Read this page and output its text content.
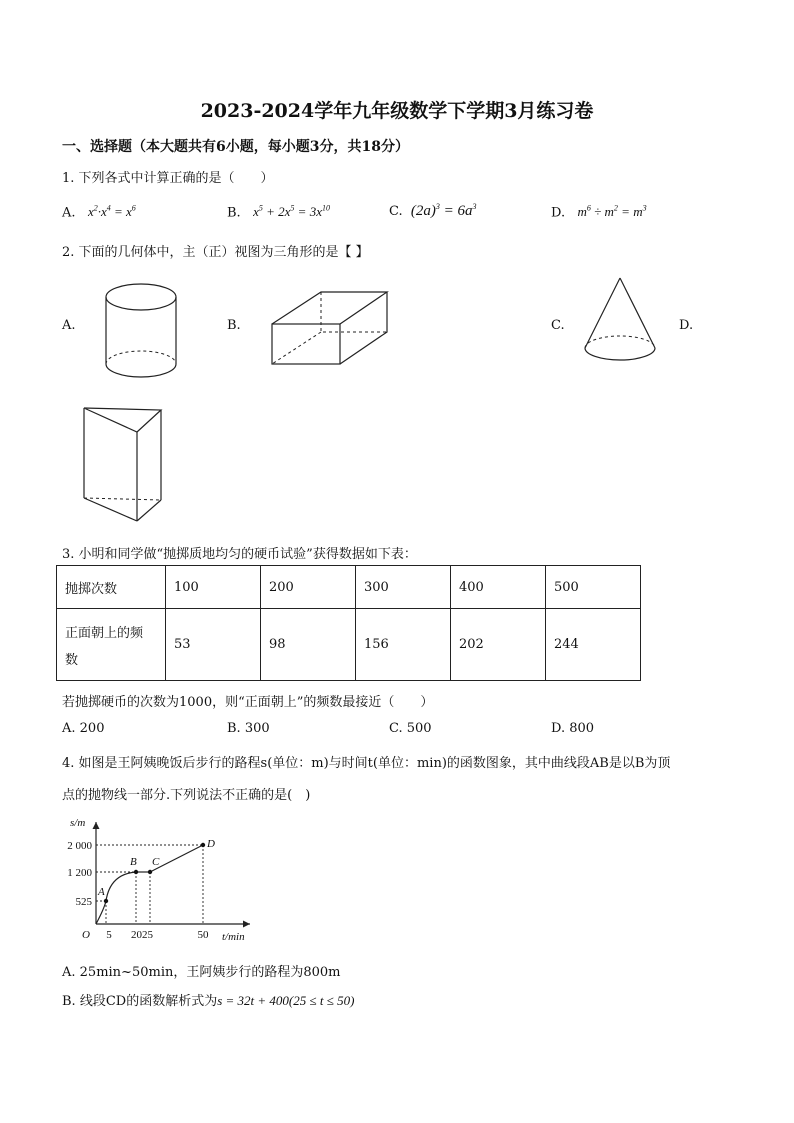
2023-2024学年九年级数学下学期3月练习卷
一、选择题（本大题共有6小题，每小题3分，共18分）
1. 下列各式中计算正确的是（　　）
A. $x^2\cdot x^4 = x^6$	B. $x^5 + 2x^5 = 3x^{10}$	C. $(2a)^3 = 6a^3$	D. $m^6 \div m^2 = m^3$
2. 下面的几何体中，主（正）视图为三角形的是【 】
A.	B.	C.	D.
3. 小明和同学做“抛掷质地均匀的硬币试验”获得数据如下表：
抛掷次数	100	200	300	400	500

正面朝上的频
数	53	98	156	202	244
若抛掷硬币的次数为1000，则“正面朝上”的频数最接近（　　）
A. 200	B. 300	C. 500	D. 800
4. 如图是王阿姨晚饭后步行的路程s(单位：m)与时间t(单位：min)的函数图象，其中曲线段AB是以B为顶
点的抛物线一部分.下列说法不正确的是(　)
s/m
t/min
O
A
B C
D
2 000
1 200
525
5 2025	50
A. 25min~50min，王阿姨步行的路程为800m
B. 线段CD的函数解析式为s = 32t + 400(25 ≤ t ≤ 50)
